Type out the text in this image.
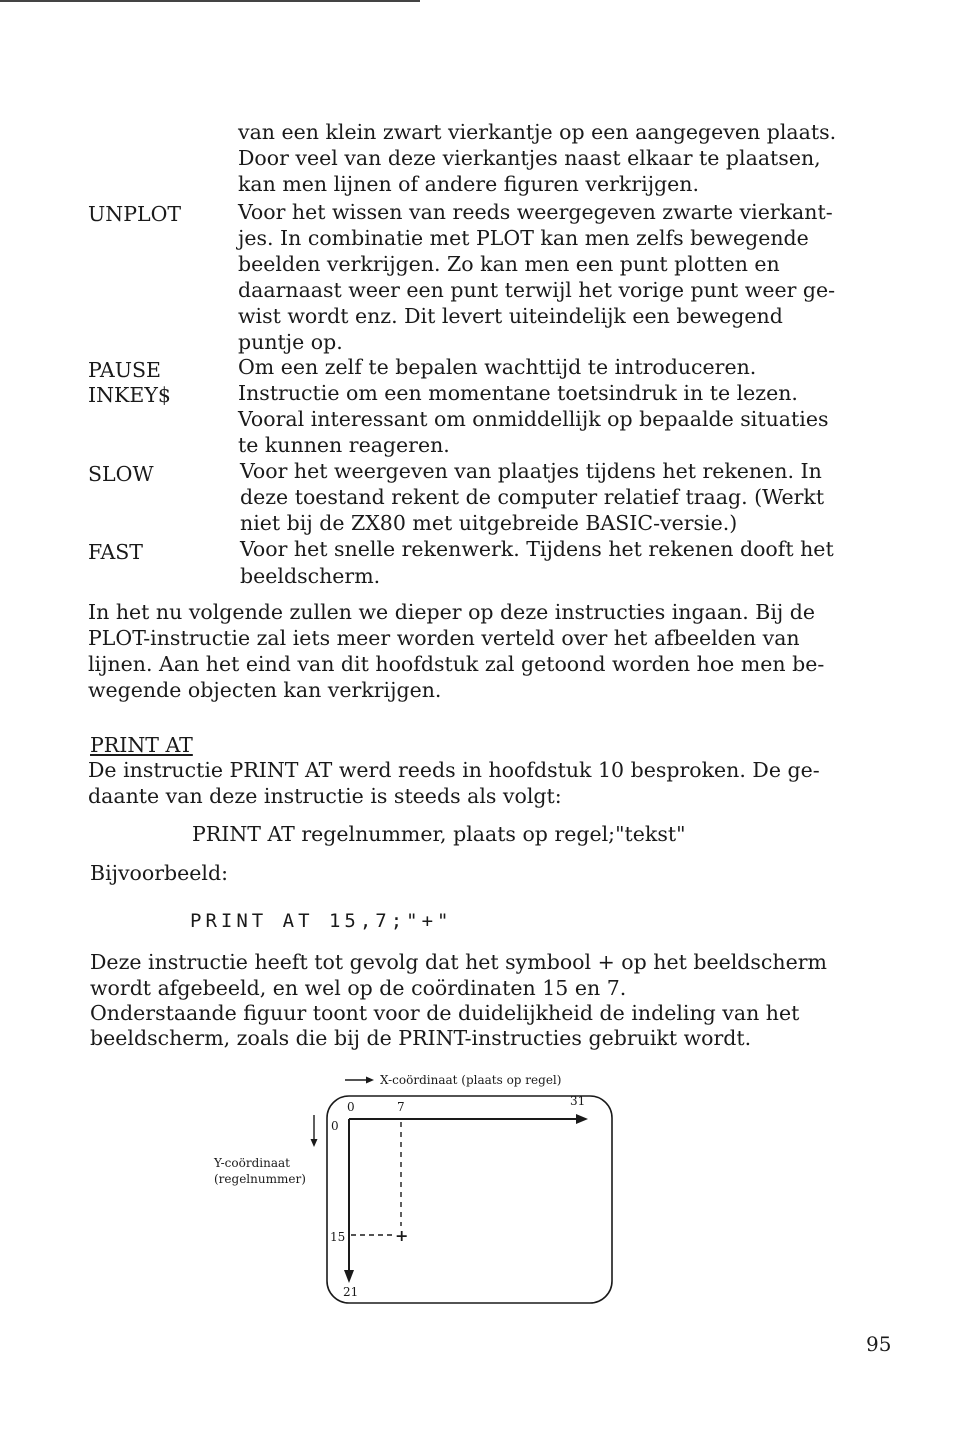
van een klein zwart vierkantje op een aangegeven plaats.
Door veel van deze vierkantjes naast elkaar te plaatsen,
kan men lijnen of andere figuren verkrijgen.
UNPLOT	Voor het wissen van reeds weergegeven zwarte vierkant-
jes. In combinatie met PLOT kan men zelfs bewegende
beelden verkrijgen. Zo kan men een punt plotten en
daarnaast weer een punt terwijl het vorige punt weer ge-
wist wordt enz. Dit levert uiteindelijk een bewegend
puntje op.
PAUSE	Om een zelf te bepalen wachttijd te introduceren.
INKEY$	Instructie om een momentane toetsindruk in te lezen.
Vooral interessant om onmiddellijk op bepaalde situaties
te kunnen reageren.
SLOW	Voor het weergeven van plaatjes tijdens het rekenen. In
deze toestand rekent de computer relatief traag. (Werkt
niet bij de ZX80 met uitgebreide BASIC-versie.)
FAST	Voor het snelle rekenwerk. Tijdens het rekenen dooft het
beeldscherm.
In het nu volgende zullen we dieper op deze instructies ingaan. Bij de
PLOT-instructie zal iets meer worden verteld over het afbeelden van
lijnen. Aan het eind van dit hoofdstuk zal getoond worden hoe men be-
wegende objecten kan verkrijgen.
PRINT AT
De instructie PRINT AT werd reeds in hoofdstuk 10 besproken. De ge-
daante van deze instructie is steeds als volgt:
PRINT AT regelnummer, plaats op regel;"tekst"
Bijvoorbeeld:
PRINT AT 15,7;"+"
Deze instructie heeft tot gevolg dat het symbool + op het beeldscherm
wordt afgebeeld, en wel op de coördinaten 15 en 7.
Onderstaande figuur toont voor de duidelijkheid de indeling van het
beeldscherm, zoals die bij de PRINT-instructies gebruikt wordt.
X-coördinaat (plaats op regel)
Y-coördinaat
(regelnummer)
0	7	31
0
15
21
+
95
